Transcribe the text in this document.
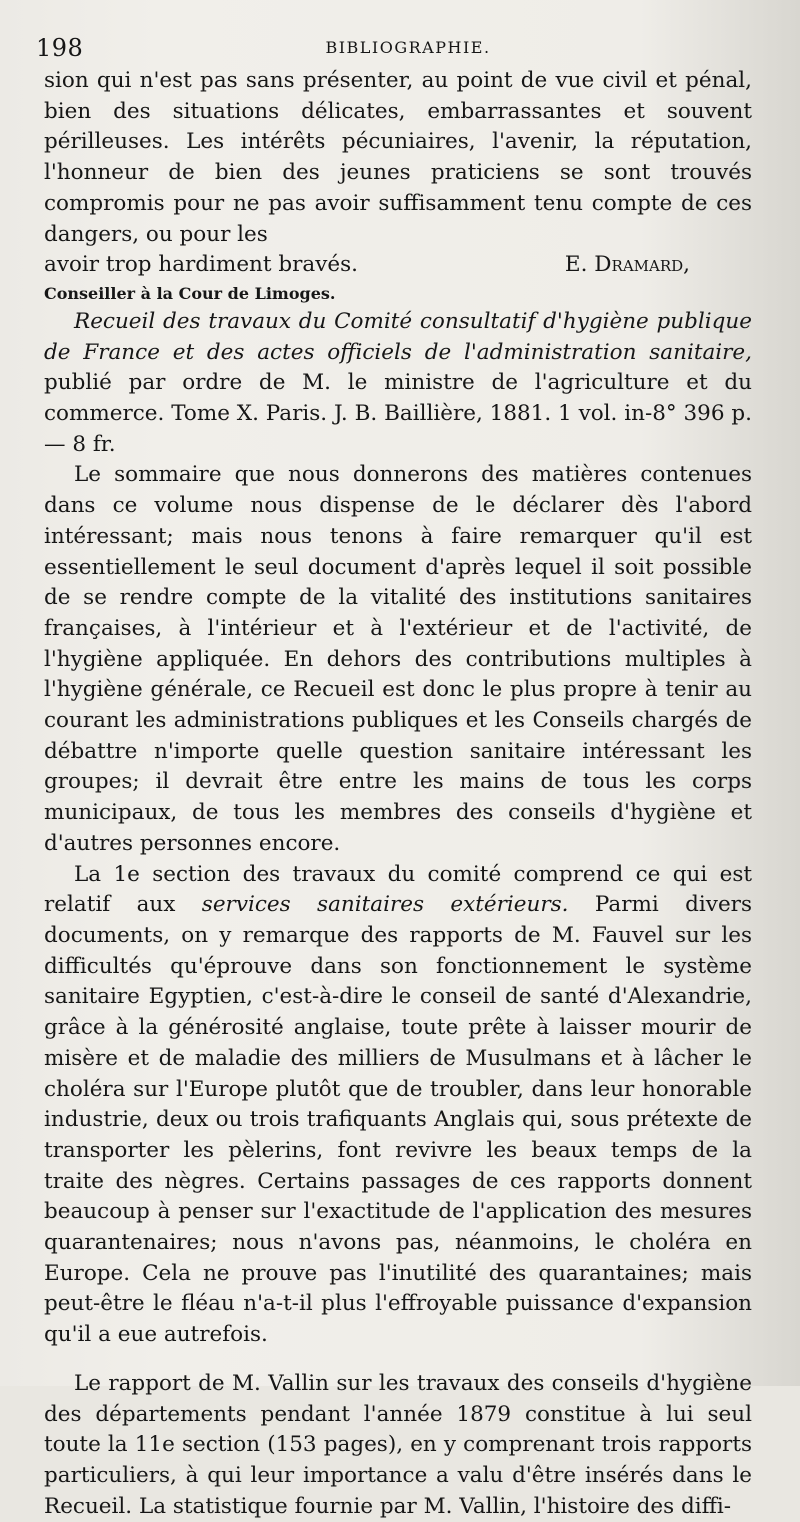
198	BIBLIOGRAPHIE.

sion qui n'est pas sans présenter, au point de vue civil et pénal, bien des situations délicates, embarrassantes et souvent périlleuses. Les intérêts pécuniaires, l'avenir, la réputation, l'honneur de bien des jeunes praticiens se sont trouvés compromis pour ne pas avoir suffisamment tenu compte de ces dangers, ou pour les

avoir trop hardiment bravés.	E. Dramard,

Conseiller à la Cour de Limoges.

Recueil des travaux du Comité consultatif d'hygiène publique de France et des actes officiels de l'administration sanitaire, publié par ordre de M. le ministre de l'agriculture et du commerce. Tome X. Paris. J. B. Baillière, 1881. 1 vol. in-8° 396 p. — 8 fr.

Le sommaire que nous donnerons des matières contenues dans ce volume nous dispense de le déclarer dès l'abord intéressant; mais nous tenons à faire remarquer qu'il est essentiellement le seul document d'après lequel il soit possible de se rendre compte de la vitalité des institutions sanitaires françaises, à l'intérieur et à l'extérieur et de l'activité, de l'hygiène appliquée. En dehors des contributions multiples à l'hygiène générale, ce Recueil est donc le plus propre à tenir au courant les administrations publiques et les Conseils chargés de débattre n'importe quelle question sanitaire intéressant les groupes; il devrait être entre les mains de tous les corps municipaux, de tous les membres des conseils d'hygiène et d'autres personnes encore.

La 1e section des travaux du comité comprend ce qui est relatif aux services sanitaires extérieurs. Parmi divers documents, on y remarque des rapports de M. Fauvel sur les difficultés qu'éprouve dans son fonctionnement le système sanitaire Egyptien, c'est-à-dire le conseil de santé d'Alexandrie, grâce à la générosité anglaise, toute prête à laisser mourir de misère et de maladie des milliers de Musulmans et à lâcher le choléra sur l'Europe plutôt que de troubler, dans leur honorable industrie, deux ou trois trafiquants Anglais qui, sous prétexte de transporter les pèlerins, font revivre les beaux temps de la traite des nègres. Certains passages de ces rapports donnent beaucoup à penser sur l'exactitude de l'application des mesures quarantenaires; nous n'avons pas, néanmoins, le choléra en Europe. Cela ne prouve pas l'inutilité des quarantaines; mais peut-être le fléau n'a-t-il plus l'effroyable puissance d'expansion qu'il a eue autrefois.

Le rapport de M. Vallin sur les travaux des conseils d'hygiène des départements pendant l'année 1879 constitue à lui seul toute la 11e section (153 pages), en y comprenant trois rapports particuliers, à qui leur importance a valu d'être insérés dans le Recueil. La statistique fournie par M. Vallin, l'histoire des diffi-
